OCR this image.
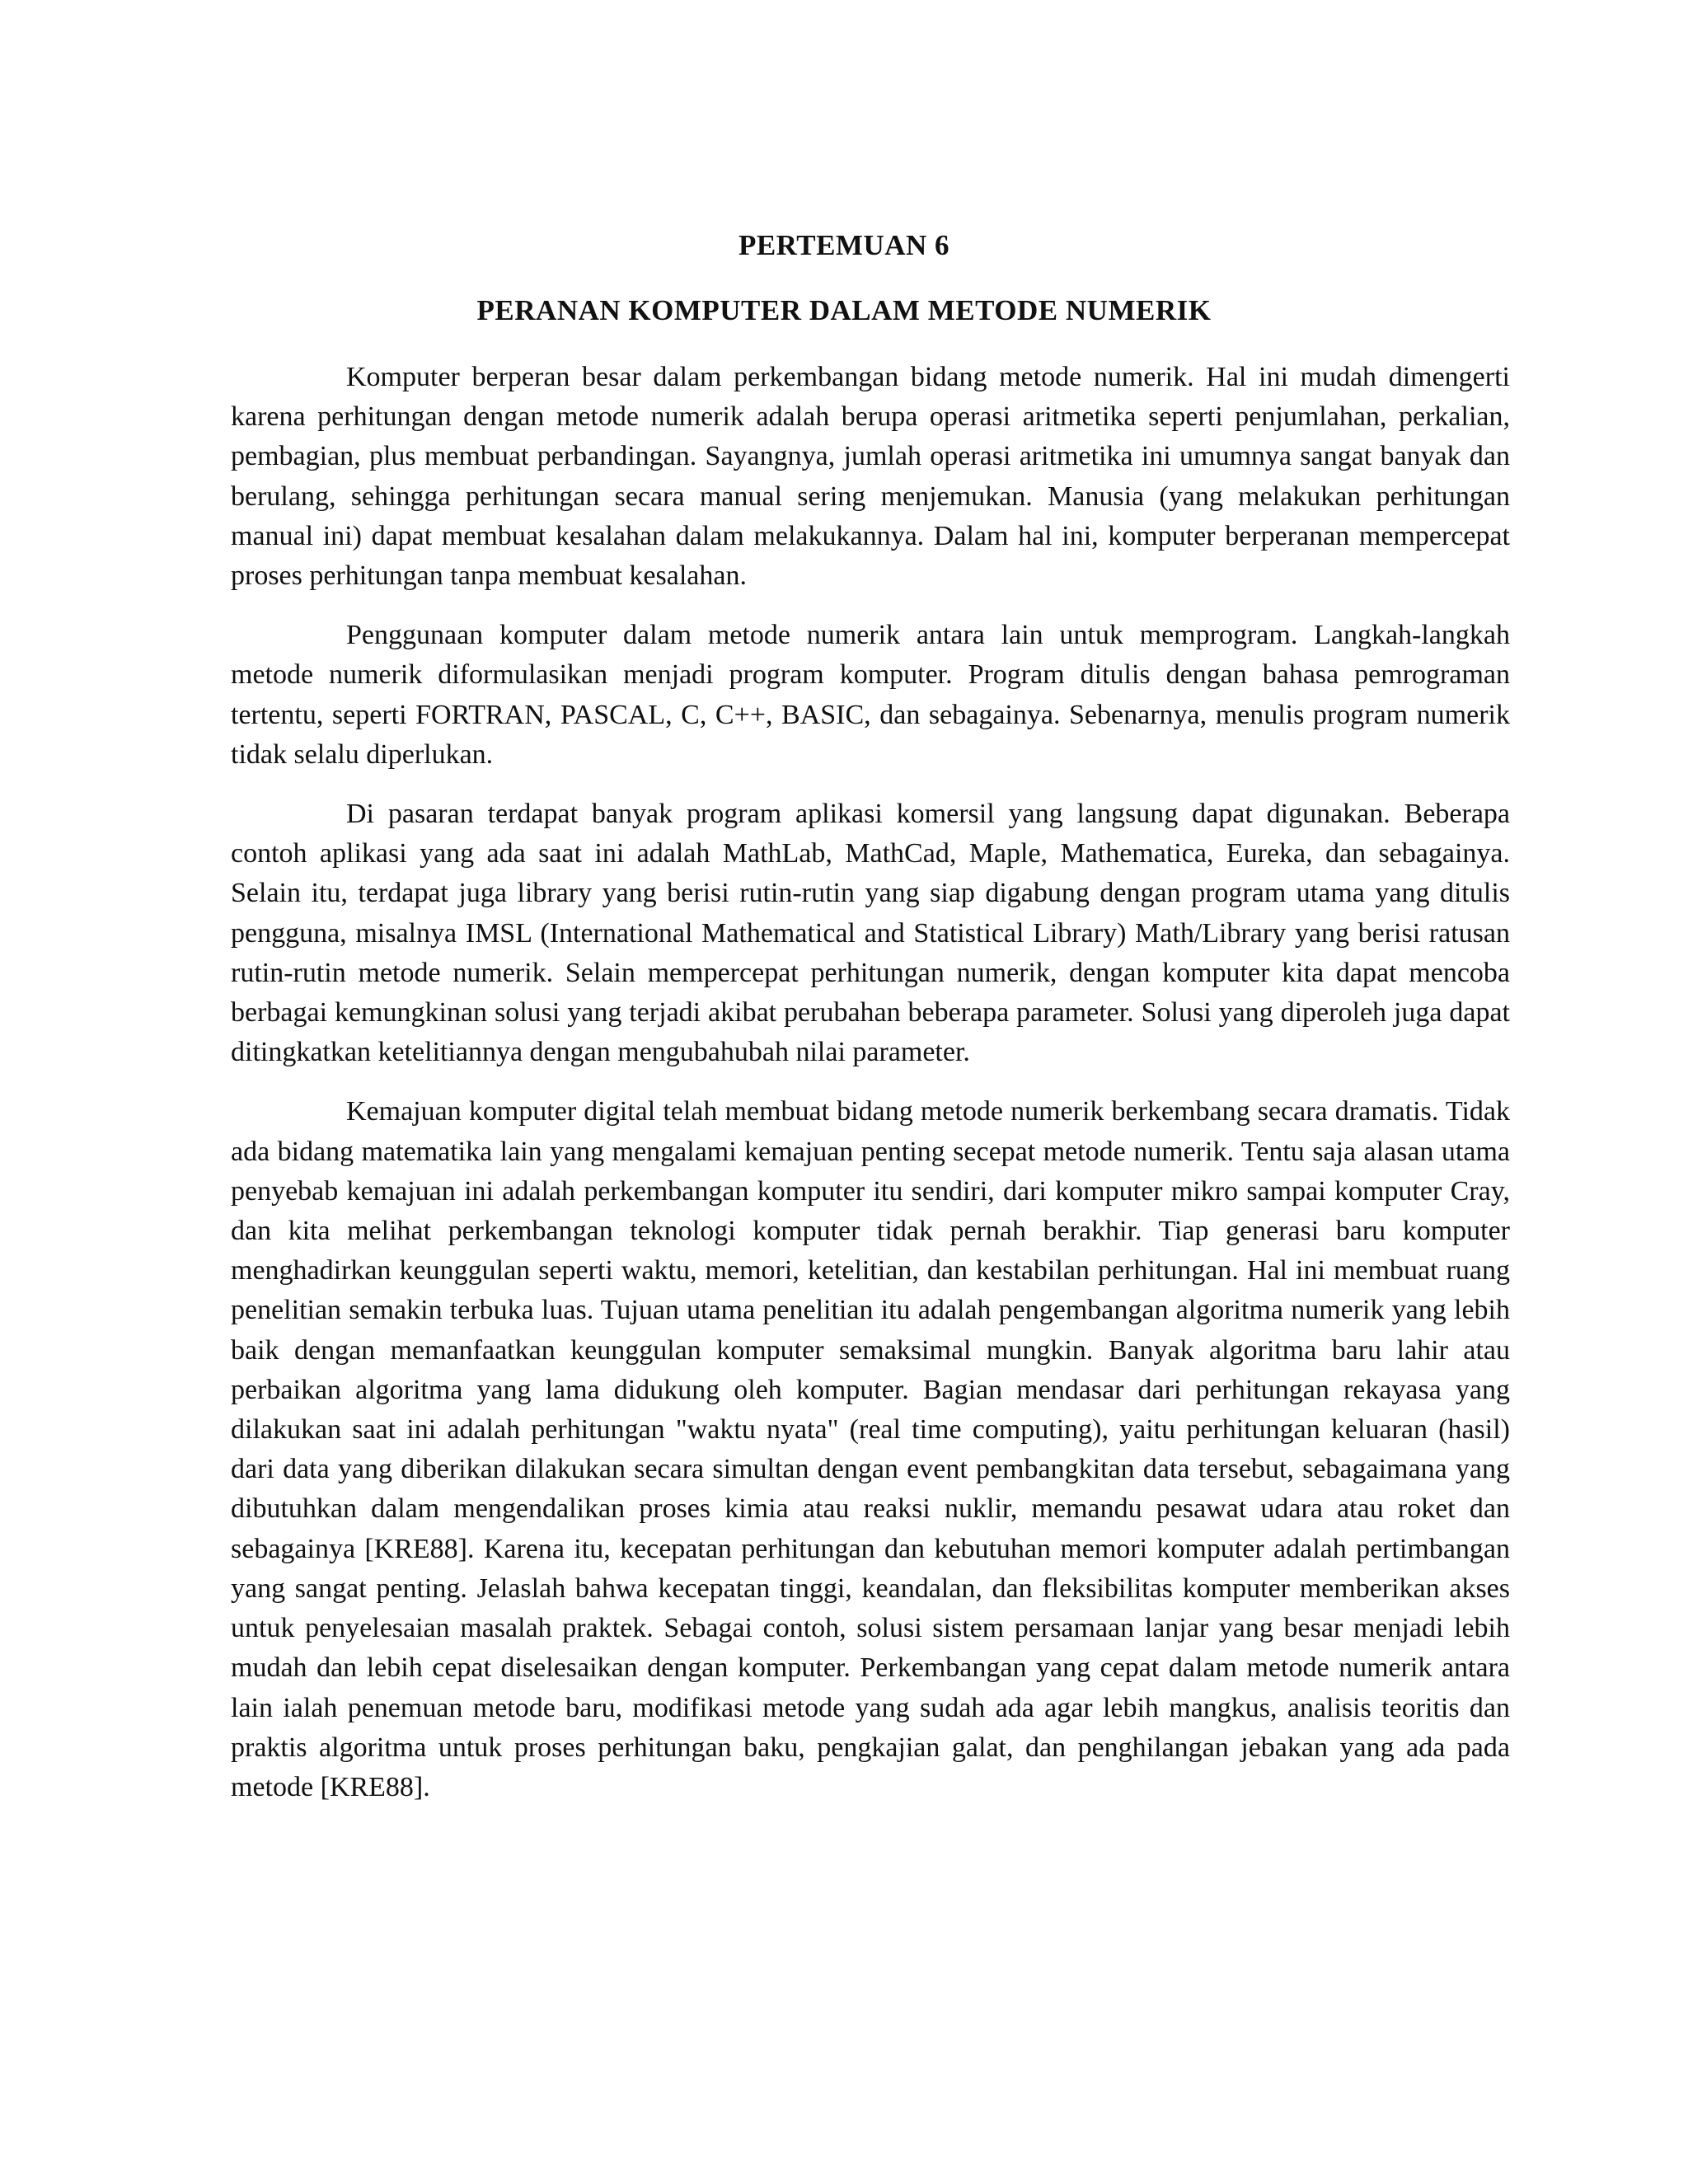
PERTEMUAN 6
PERANAN KOMPUTER DALAM METODE NUMERIK

Komputer berperan besar dalam perkembangan bidang metode numerik. Hal ini mudah dimengerti karena perhitungan dengan metode numerik adalah berupa operasi aritmetika seperti penjumlahan, perkalian, pembagian, plus membuat perbandingan. Sayangnya, jumlah operasi aritmetika ini umumnya sangat banyak dan berulang, sehingga perhitungan secara manual sering menjemukan. Manusia (yang melakukan perhitungan manual ini) dapat membuat kesalahan dalam melakukannya. Dalam hal ini, komputer berperanan mempercepat proses perhitungan tanpa membuat kesalahan.

Penggunaan komputer dalam metode numerik antara lain untuk memprogram. Langkah-langkah metode numerik diformulasikan menjadi program komputer. Program ditulis dengan bahasa pemrograman tertentu, seperti FORTRAN, PASCAL, C, C++, BASIC, dan sebagainya. Sebenarnya, menulis program numerik tidak selalu diperlukan.

Di pasaran terdapat banyak program aplikasi komersil yang langsung dapat digunakan. Beberapa contoh aplikasi yang ada saat ini adalah MathLab, MathCad, Maple, Mathematica, Eureka, dan sebagainya. Selain itu, terdapat juga library yang berisi rutin-rutin yang siap digabung dengan program utama yang ditulis pengguna, misalnya IMSL (International Mathematical and Statistical Library) Math/Library yang berisi ratusan rutin-rutin metode numerik. Selain mempercepat perhitungan numerik, dengan komputer kita dapat mencoba berbagai kemungkinan solusi yang terjadi akibat perubahan beberapa parameter. Solusi yang diperoleh juga dapat ditingkatkan ketelitiannya dengan mengubahubah nilai parameter.

Kemajuan komputer digital telah membuat bidang metode numerik berkembang secara dramatis. Tidak ada bidang matematika lain yang mengalami kemajuan penting secepat metode numerik. Tentu saja alasan utama penyebab kemajuan ini adalah perkembangan komputer itu sendiri, dari komputer mikro sampai komputer Cray, dan kita melihat perkembangan teknologi komputer tidak pernah berakhir. Tiap generasi baru komputer menghadirkan keunggulan seperti waktu, memori, ketelitian, dan kestabilan perhitungan. Hal ini membuat ruang penelitian semakin terbuka luas. Tujuan utama penelitian itu adalah pengembangan algoritma numerik yang lebih baik dengan memanfaatkan keunggulan komputer semaksimal mungkin. Banyak algoritma baru lahir atau perbaikan algoritma yang lama didukung oleh komputer. Bagian mendasar dari perhitungan rekayasa yang dilakukan saat ini adalah perhitungan "waktu nyata" (real time computing), yaitu perhitungan keluaran (hasil) dari data yang diberikan dilakukan secara simultan dengan event pembangkitan data tersebut, sebagaimana yang dibutuhkan dalam mengendalikan proses kimia atau reaksi nuklir, memandu pesawat udara atau roket dan sebagainya [KRE88]. Karena itu, kecepatan perhitungan dan kebutuhan memori komputer adalah pertimbangan yang sangat penting. Jelaslah bahwa kecepatan tinggi, keandalan, dan fleksibilitas komputer memberikan akses untuk penyelesaian masalah praktek. Sebagai contoh, solusi sistem persamaan lanjar yang besar menjadi lebih mudah dan lebih cepat diselesaikan dengan komputer. Perkembangan yang cepat dalam metode numerik antara lain ialah penemuan metode baru, modifikasi metode yang sudah ada agar lebih mangkus, analisis teoritis dan praktis algoritma untuk proses perhitungan baku, pengkajian galat, dan penghilangan jebakan yang ada pada metode [KRE88].
